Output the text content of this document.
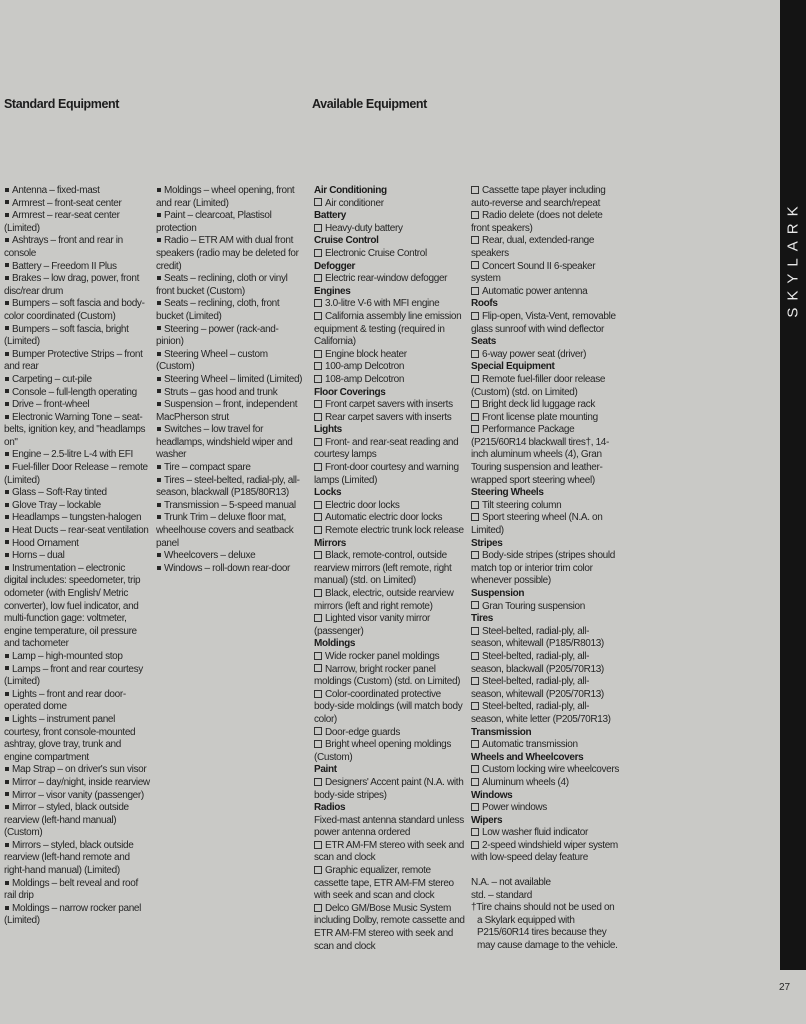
Standard Equipment	Available Equipment

Antenna – fixed-mast

Armrest – front-seat center

Armrest – rear-seat center (Limited)

Ashtrays – front and rear in console

Battery – Freedom II Plus

Brakes – low drag, power, front disc/rear drum

Bumpers – soft fascia and body-color coordinated (Custom)

Bumpers – soft fascia, bright (Limited)

Bumper Protective Strips – front and rear

Carpeting – cut-pile

Console – full-length operating

Drive – front-wheel

Electronic Warning Tone – seat-belts, ignition key, and "headlamps on"

Engine – 2.5-litre L-4 with EFI

Fuel-filler Door Release – remote (Limited)

Glass – Soft-Ray tinted

Glove Tray – lockable

Headlamps – tungsten-halogen

Heat Ducts – rear-seat ventilation

Hood Ornament

Horns – dual

Instrumentation – electronic digital includes: speedometer, trip odometer (with English/ Metric converter), low fuel indicator, and multi-function gage: voltmeter, engine temperature, oil pressure and tachometer

Lamp – high-mounted stop

Lamps – front and rear courtesy (Limited)

Lights – front and rear door-operated dome

Lights – instrument panel courtesy, front console-mounted ashtray, glove tray, trunk and engine compartment

Map Strap – on driver's sun visor

Mirror – day/night, inside rearview

Mirror – visor vanity (passenger)

Mirror – styled, black outside rearview (left-hand manual) (Custom)

Mirrors – styled, black outside rearview (left-hand remote and right-hand manual) (Limited)

Moldings – belt reveal and roof rail drip

Moldings – narrow rocker panel (Limited)

Moldings – wheel opening, front and rear (Limited)

Paint – clearcoat, Plastisol protection

Radio – ETR AM with dual front speakers (radio may be deleted for credit)

Seats – reclining, cloth or vinyl front bucket (Custom)

Seats – reclining, cloth, front bucket (Limited)

Steering – power (rack-and-pinion)

Steering Wheel – custom (Custom)

Steering Wheel – limited (Limited)

Struts – gas hood and trunk

Suspension – front, independent MacPherson strut

Switches – low travel for headlamps, windshield wiper and washer

Tire – compact spare

Tires – steel-belted, radial-ply, all-season, blackwall (P185/80R13)

Transmission – 5-speed manual

Trunk Trim – deluxe floor mat, wheelhouse covers and seatback panel

Wheelcovers – deluxe

Windows – roll-down rear-door

Air Conditioning

Air conditioner

Battery

Heavy-duty battery

Cruise Control

Electronic Cruise Control

Defogger

Electric rear-window defogger

Engines

3.0-litre V-6 with MFI engine

California assembly line emission equipment & testing (required in California)

Engine block heater

100-amp Delcotron

108-amp Delcotron

Floor Coverings

Front carpet savers with inserts

Rear carpet savers with inserts

Lights

Front- and rear-seat reading and courtesy lamps

Front-door courtesy and warning lamps (Limited)

Locks

Electric door locks

Automatic electric door locks

Remote electric trunk lock release

Mirrors

Black, remote-control, outside rearview mirrors (left remote, right manual) (std. on Limited)

Black, electric, outside rearview mirrors (left and right remote)

Lighted visor vanity mirror (passenger)

Moldings

Wide rocker panel moldings

Narrow, bright rocker panel moldings (Custom) (std. on Limited)

Color-coordinated protective body-side moldings (will match body color)

Door-edge guards

Bright wheel opening moldings (Custom)

Paint

Designers' Accent paint (N.A. with body-side stripes)

Radios

Fixed-mast antenna standard unless power antenna ordered

ETR AM-FM stereo with seek and scan and clock

Graphic equalizer, remote cassette tape, ETR AM-FM stereo with seek and scan and clock

Delco GM/Bose Music System including Dolby, remote cassette and ETR AM-FM stereo with seek and scan and clock

Cassette tape player including auto-reverse and search/repeat

Radio delete (does not delete front speakers)

Rear, dual, extended-range speakers

Concert Sound II 6-speaker system

Automatic power antenna

Roofs

Flip-open, Vista-Vent, removable glass sunroof with wind deflector

Seats

6-way power seat (driver)

Special Equipment

Remote fuel-filler door release (Custom) (std. on Limited)

Bright deck lid luggage rack

Front license plate mounting

Performance Package (P215/60R14 blackwall tires†, 14-inch aluminum wheels (4), Gran Touring suspension and leather-wrapped sport steering wheel)

Steering Wheels

Tilt steering column

Sport steering wheel (N.A. on Limited)

Stripes

Body-side stripes (stripes should match top or interior trim color whenever possible)

Suspension

Gran Touring suspension

Tires

Steel-belted, radial-ply, all-season, whitewall (P185/R8013)

Steel-belted, radial-ply, all-season, blackwall (P205/70R13)

Steel-belted, radial-ply, all-season, whitewall (P205/70R13)

Steel-belted, radial-ply, all-season, white letter (P205/70R13)

Transmission

Automatic transmission

Wheels and Wheelcovers

Custom locking wire wheelcovers

Aluminum wheels (4)

Windows

Power windows

Wipers

Low washer fluid indicator

2-speed windshield wiper system with low-speed delay feature

N.A. – not available

std. – standard

†Tire chains should not be used on a Skylark equipped with P215/60R14 tires because they may cause damage to the vehicle.

SKYLARK
27
